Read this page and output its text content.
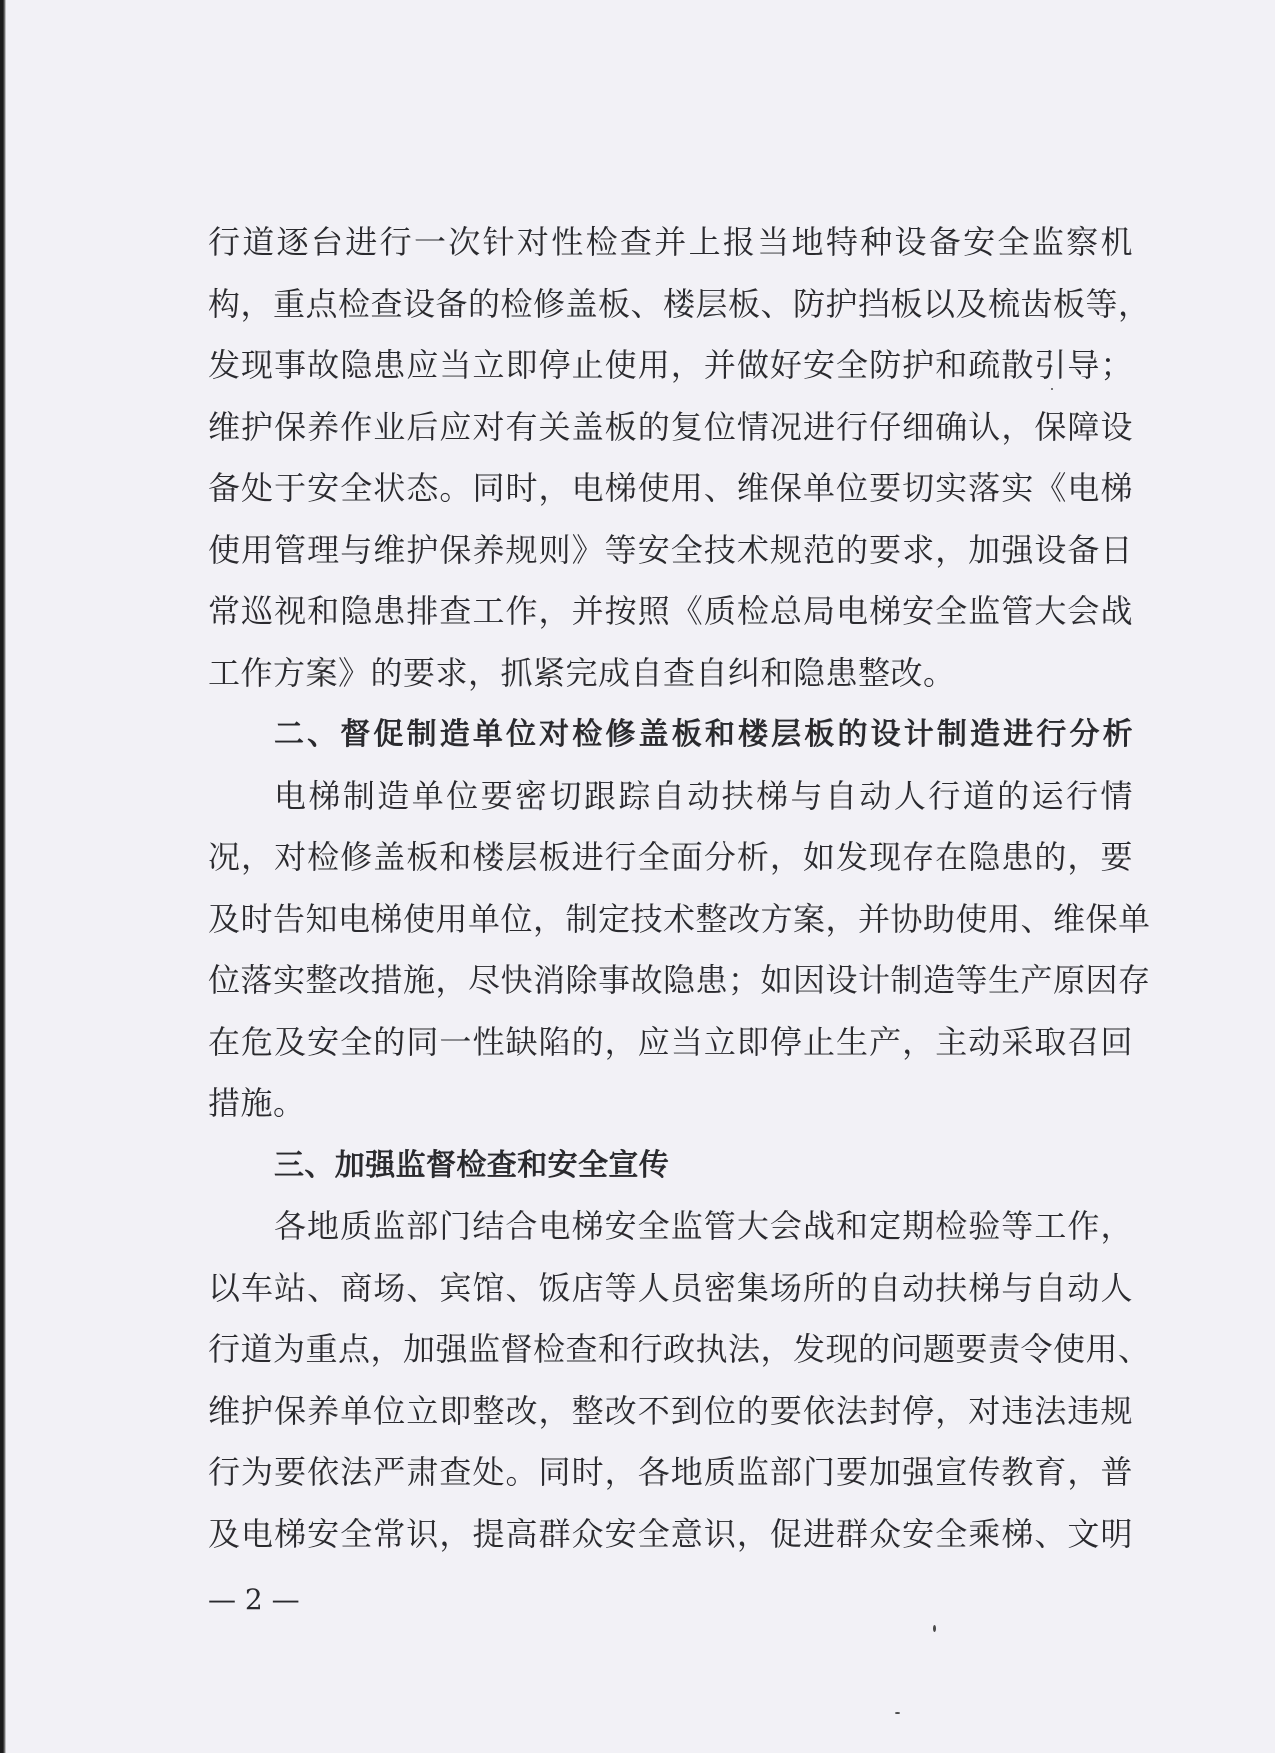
行道逐台进行一次针对性检查并上报当地特种设备安全监察机
构，重点检查设备的检修盖板、楼层板、防护挡板以及梳齿板等，
发现事故隐患应当立即停止使用，并做好安全防护和疏散引导；
维护保养作业后应对有关盖板的复位情况进行仔细确认，保障设
备处于安全状态。同时，电梯使用、维保单位要切实落实《电梯
使用管理与维护保养规则》等安全技术规范的要求，加强设备日
常巡视和隐患排查工作，并按照《质检总局电梯安全监管大会战
工作方案》的要求，抓紧完成自查自纠和隐患整改。
二、督促制造单位对检修盖板和楼层板的设计制造进行分析
电梯制造单位要密切跟踪自动扶梯与自动人行道的运行情
况，对检修盖板和楼层板进行全面分析，如发现存在隐患的，要
及时告知电梯使用单位，制定技术整改方案，并协助使用、维保单
位落实整改措施，尽快消除事故隐患；如因设计制造等生产原因存
在危及安全的同一性缺陷的，应当立即停止生产，主动采取召回
措施。
三、加强监督检查和安全宣传
各地质监部门结合电梯安全监管大会战和定期检验等工作，
以车站、商场、宾馆、饭店等人员密集场所的自动扶梯与自动人
行道为重点，加强监督检查和行政执法，发现的问题要责令使用、
维护保养单位立即整改，整改不到位的要依法封停，对违法违规
行为要依法严肃查处。同时，各地质监部门要加强宣传教育，普
及电梯安全常识，提高群众安全意识，促进群众安全乘梯、文明
— 2 —
